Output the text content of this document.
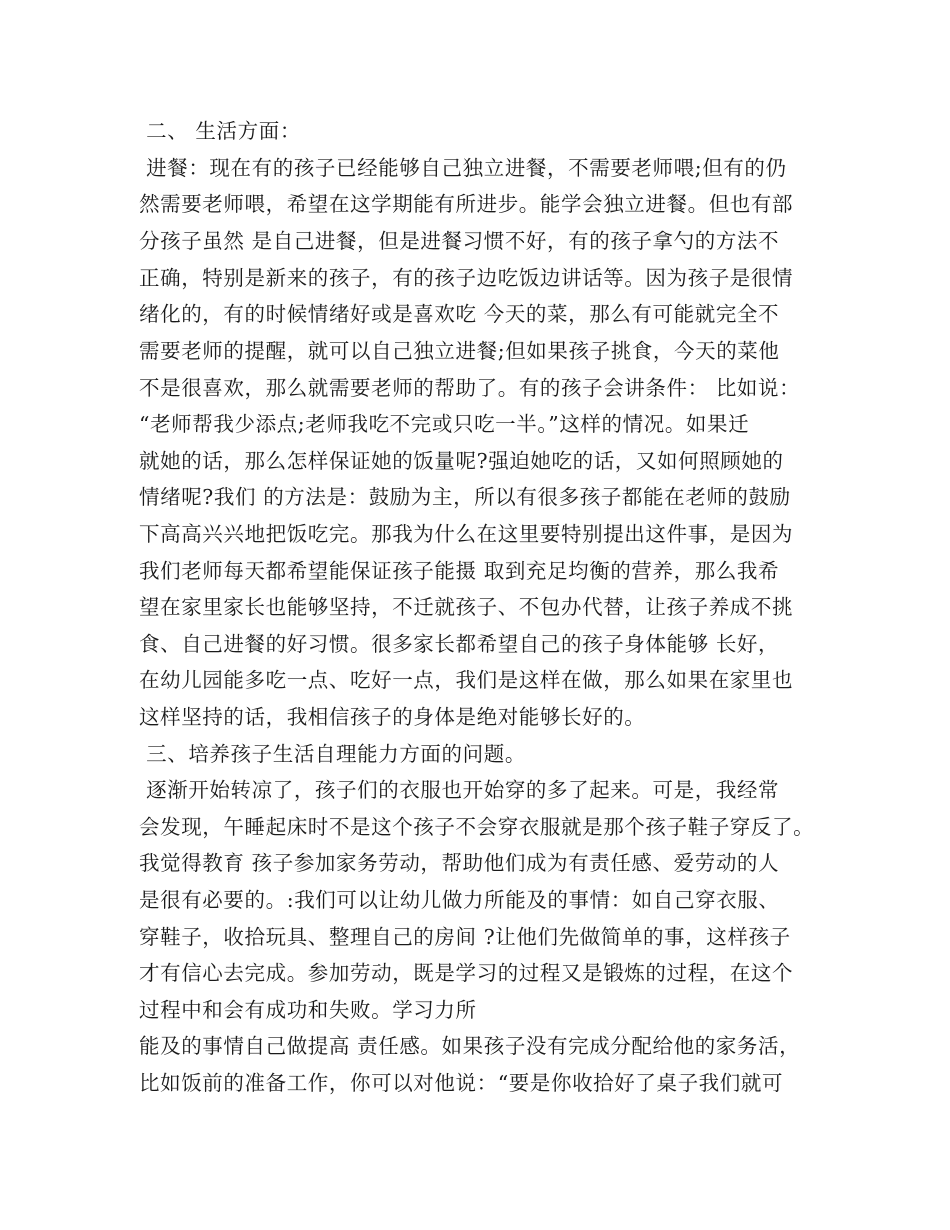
二、 生活方面：
进餐：现在有的孩子已经能够自己独立进餐，不需要老师喂;但有的仍
然需要老师喂，希望在这学期能有所进步。能学会独立进餐。但也有部
分孩子虽然 是自己进餐，但是进餐习惯不好，有的孩子拿勺的方法不
正确，特别是新来的孩子，有的孩子边吃饭边讲话等。因为孩子是很情
绪化的，有的时候情绪好或是喜欢吃 今天的菜，那么有可能就完全不
需要老师的提醒，就可以自己独立进餐;但如果孩子挑食，今天的菜他
不是很喜欢，那么就需要老师的帮助了。有的孩子会讲条件： 比如说：
“老师帮我少添点;老师我吃不完或只吃一半。”这样的情况。如果迁
就她的话，那么怎样保证她的饭量呢?强迫她吃的话，又如何照顾她的
情绪呢?我们 的方法是：鼓励为主，所以有很多孩子都能在老师的鼓励
下高高兴兴地把饭吃完。那我为什么在这里要特别提出这件事，是因为
我们老师每天都希望能保证孩子能摄 取到充足均衡的营养，那么我希
望在家里家长也能够坚持，不迁就孩子、不包办代替，让孩子养成不挑
食、自己进餐的好习惯。很多家长都希望自己的孩子身体能够 长好，
在幼儿园能多吃一点、吃好一点，我们是这样在做，那么如果在家里也
这样坚持的话，我相信孩子的身体是绝对能够长好的。
三、培养孩子生活自理能力方面的问题。
逐渐开始转凉了，孩子们的衣服也开始穿的多了起来。可是，我经常
会发现，午睡起床时不是这个孩子不会穿衣服就是那个孩子鞋子穿反了。
我觉得教育 孩子参加家务劳动，帮助他们成为有责任感、爱劳动的人
是很有必要的。:我们可以让幼儿做力所能及的事情：如自己穿衣服、
穿鞋子，收拾玩具、整理自己的房间 ?让他们先做简单的事，这样孩子
才有信心去完成。参加劳动，既是学习的过程又是锻炼的过程，在这个
过程中和会有成功和失败。学习力所
能及的事情自己做提高 责任感。如果孩子没有完成分配给他的家务活，
比如饭前的准备工作，你可以对他说：“要是你收拾好了桌子我们就可
